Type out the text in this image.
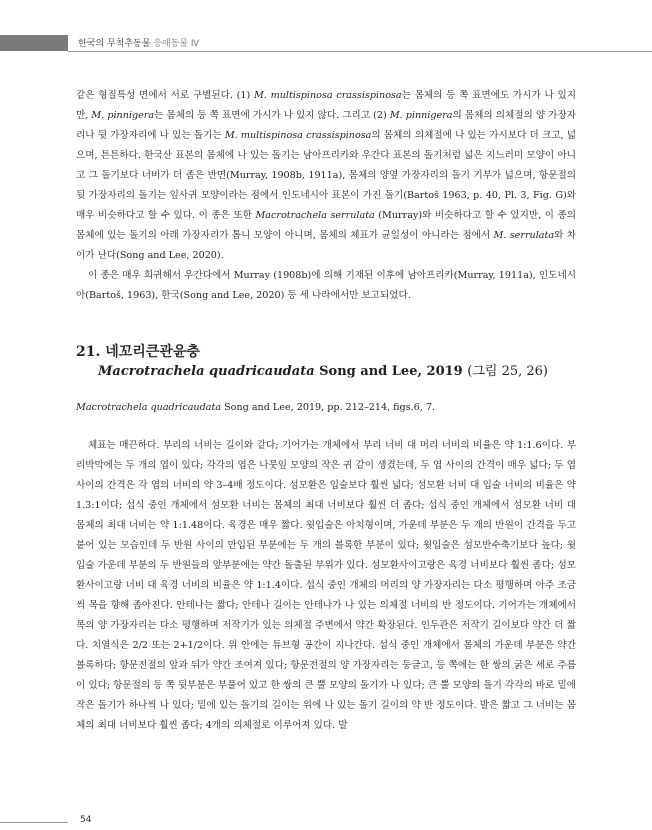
한국의 무척추동물 응애동물 Ⅳ

같은 형질특성 면에서 서로 구별된다. (1) M. multispinosa crassispinosa는 몸체의 등 쪽 표면에도 가시가 나 있지만, M. pinnigera는 몸체의 등 쪽 표면에 가시가 나 있지 않다. 그리고 (2) M. pinnigera의 몸체의 의체절의 양 가장자리나 뒷 가장자리에 나 있는 돌기는 M. multispinosa crassispinosa의 몸체의 의체절에 나 있는 가시보다 더 크고, 넓으며, 튼튼하다. 한국산 표본의 몸체에 나 있는 돌기는 남아프리카와 우간다 표본의 돌기처럼 넓은 지느러미 모양이 아니고 그 돌기보다 너비가 더 좁은 반면(Murray, 1908b, 1911a), 몸체의 양옆 가장자리의 돌기 기부가 넓으며, 항문절의 뒷 가장자리의 돌기는 잎사귀 모양이라는 점에서 인도네시아 표본이 가진 돌기(Bartoš 1963, p. 40, Pl. 3, Fig. G)와 매우 비슷하다고 할 수 있다. 이 종은 또한 Macrotrachela serrulata (Murray)와 비슷하다고 할 수 있지만, 이 종의 몸체에 있는 돌기의 아래 가장자리가 톱니 모양이 아니며, 몸체의 체표가 균일성이 아니라는 점에서 M. serrulata와 차이가 난다(Song and Lee, 2020).

이 종은 매우 희귀해서 우간다에서 Murray (1908b)에 의해 기재된 이후에 남아프리카(Murray, 1911a), 인도네시아(Bartoš, 1963), 한국(Song and Lee, 2020) 등 세 나라에서만 보고되었다.

21. 네꼬리큰관윤충
Macrotrachela quadricaudata Song and Lee, 2019 (그림 25, 26)

Macrotrachela quadricaudata Song and Lee, 2019, pp. 212–214, figs.6, 7.

체표는 매끈하다. 부리의 너비는 길이와 같다; 기어가는 개체에서 부리 너비 대 머리 너비의 비율은 약 1:1.6이다. 부리박막에는 두 개의 엽이 있다; 각각의 엽은 나뭇잎 모양의 작은 귀 같이 생겼는데, 두 엽 사이의 간격이 매우 넓다; 두 엽 사이의 간격은 각 엽의 너비의 약 3–4배 정도이다. 섬모환은 입술보다 훨씬 넓다; 섬모환 너비 대 입술 너비의 비율은 약 1.3:1이다; 섭식 중인 개체에서 섬모환 너비는 몸체의 최대 너비보다 훨씬 더 좁다; 섭식 중인 개체에서 섬모환 너비 대 몸체의 최대 너비는 약 1:1.48이다. 육경은 매우 짧다. 윗입술은 아치형이며, 가운데 부분은 두 개의 반원이 간격을 두고 붙어 있는 모습인데 두 반원 사이의 만입된 부분에는 두 개의 볼록한 부분이 있다; 윗입술은 섬모반수축기보다 높다; 윗입술 가운데 부분의 두 반원들의 앞부분에는 약간 돌출된 부위가 있다. 섬모환사이고랑은 육경 너비보다 훨씬 좁다; 섬모환사이고랑 너비 대 육경 너비의 비율은 약 1:1.4이다. 섭식 중인 개체의 머리의 양 가장자리는 다소 평행하며 아주 조금씩 목을 향해 좁아진다. 안테나는 짧다; 안테나 길이는 안테나가 나 있는 의체절 너비의 반 정도이다. 기어가는 개체에서 목의 양 가장자리는 다소 평행하며 저작기가 있는 의체절 주변에서 약간 확장된다. 인두관은 저작기 길이보다 약간 더 짧다. 치열식은 2/2 또는 2+1/2이다. 위 안에는 튜브형 공간이 지나간다. 섭식 중인 개체에서 몸체의 가운데 부분은 약간 볼록하다; 항문전절의 앞과 뒤가 약간 조여져 있다; 항문전절의 양 가장자리는 둥글고, 등 쪽에는 한 쌍의 굵은 세로 주름이 있다; 항문절의 등 쪽 뒷부분은 부풀어 있고 한 쌍의 큰 뿔 모양의 돌기가 나 있다; 큰 뿔 모양의 돌기 각각의 바로 밑에 작은 돌기가 하나씩 나 있다; 밑에 있는 돌기의 길이는 위에 나 있는 돌기 길이의 약 반 정도이다. 발은 짧고 그 너비는 몸체의 최대 너비보다 훨씬 좁다; 4개의 의체절로 이루어져 있다. 발

54
